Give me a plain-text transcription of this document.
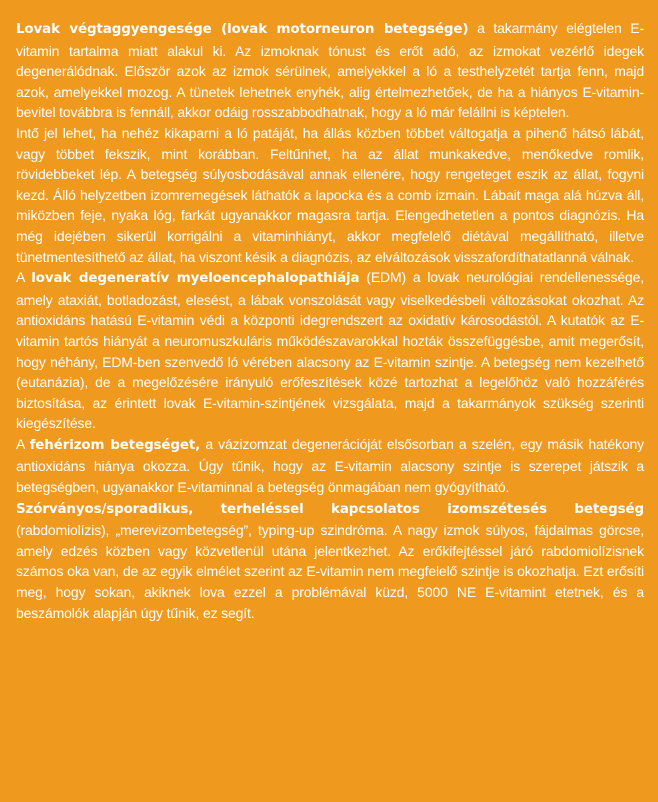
Lovak végtaggyengesége (lovak motorneuron betegsége) a takarmány elégtelen E-vitamin tartalma miatt alakul ki. Az izmoknak tónust és erőt adó, az izmokat vezérlő idegek degenerálódnak. Először azok az izmok sérülnek, amelyekkel a ló a testhelyzetét tartja fenn, majd azok, amelyekkel mozog. A tünetek lehetnek enyhék, alig értelmezhetőek, de ha a hiányos E-vitamin-bevitel továbbra is fennáll, akkor odáig rosszabbodhatnak, hogy a ló már felállni is képtelen.

Intő jel lehet, ha nehéz kikaparni a ló patáját, ha állás közben többet váltogatja a pihenő hátsó lábát, vagy többet fekszik, mint korábban. Feltűnhet, ha az állat munkakedve, menőkedve romlik, rövidebbeket lép. A betegség súlyosbodásával annak ellenére, hogy rengeteget eszik az állat, fogyni kezd. Álló helyzetben izomremegések láthatók a lapocka és a comb izmain. Lábait maga alá húzva áll, miközben feje, nyaka lóg, farkát ugyanakkor magasra tartja. Elengedhetetlen a pontos diagnózis. Ha még idejében sikerül korrigálni a vitaminhiányt, akkor megfelelő diétával megállítható, illetve tünetmentesíthető az állat, ha viszont késik a diagnózis, az elváltozások visszafordíthatatlanná válnak.

A lovak degeneratív myeloencephalopathiája (EDM) a lovak neurológiai rendellenessége, amely ataxiát, botladozást, elesést, a lábak vonszolását vagy viselkedésbeli változásokat okozhat. Az antioxidáns hatású E-vitamin védi a központi idegrendszert az oxidatív károsodástól. A kutatók az E-vitamin tartós hiányát a neuromuszkuláris működészavarokkal hozták összefüggésbe, amit megerősít, hogy néhány, EDM-ben szenvedő ló vérében alacsony az E-vitamin szintje. A betegség nem kezelhető (eutanázia), de a megelőzésére irányuló erőfeszítések közé tartozhat a legelőhöz való hozzáférés biztosítása, az érintett lovak E-vitamin-szintjének vizsgálata, majd a takarmányok szükség szerinti kiegészítése.

A fehérizom betegséget, a vázizomzat degenerációját elsősorban a szelén, egy másik hatékony antioxidáns hiánya okozza. Úgy tűnik, hogy az E-vitamin alacsony szintje is szerepet játszik a betegségben, ugyanakkor E-vitaminnal a betegség önmagában nem gyógyítható.

Szórványos/sporadikus, terheléssel kapcsolatos izomszétesés betegség (rabdomiolízis), „merevizombetegség”, typing-up szindróma. A nagy izmok súlyos, fájdalmas görcse, amely edzés közben vagy közvetlenül utána jelentkezhet. Az erőkifejtéssel járó rabdomiolízisnek számos oka van, de az egyik elmélet szerint az E-vitamin nem megfelelő szintje is okozhatja. Ezt erősíti meg, hogy sokan, akiknek lova ezzel a problémával küzd, 5000 NE E-vitamint etetnek, és a beszámolók alapján úgy tűnik, ez segít.
